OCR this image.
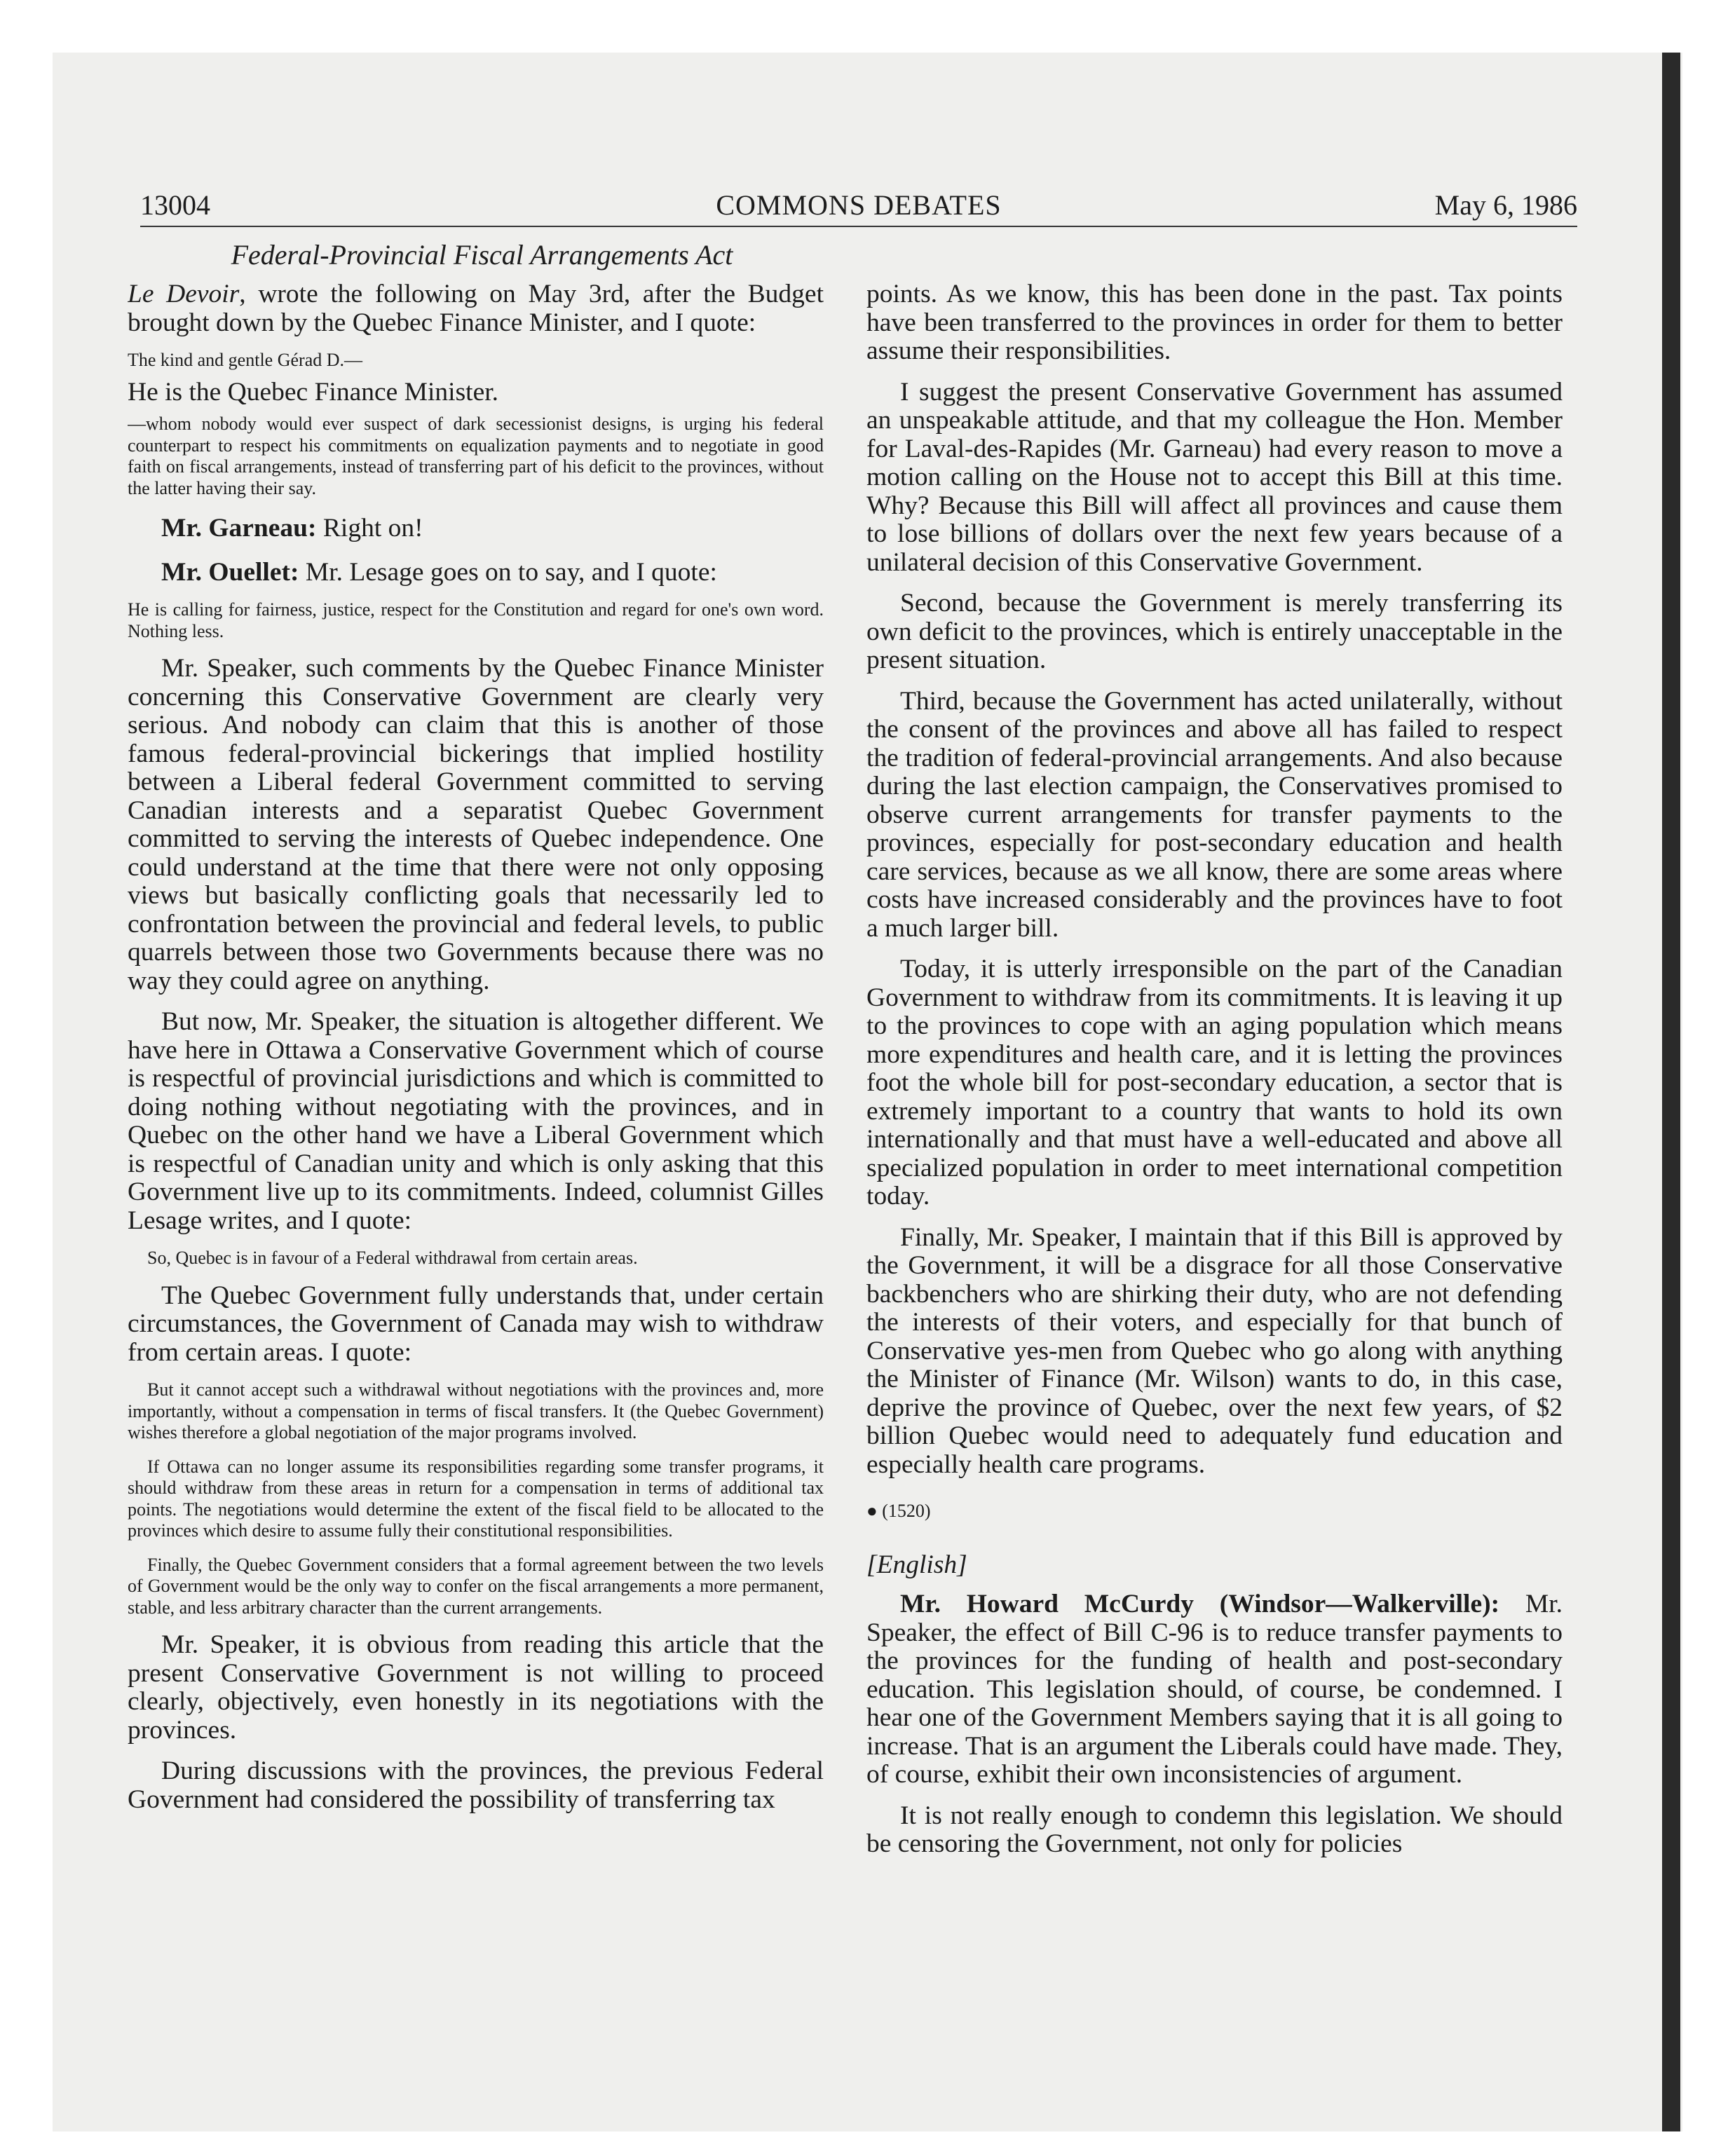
13004	COMMONS DEBATES	May 6, 1986
Federal-Provincial Fiscal Arrangements Act

Le Devoir, wrote the following on May 3rd, after the Budget brought down by the Quebec Finance Minister, and I quote:

The kind and gentle Gérad D.—

He is the Quebec Finance Minister.

—whom nobody would ever suspect of dark secessionist designs, is urging his federal counterpart to respect his commitments on equalization payments and to negotiate in good faith on fiscal arrangements, instead of transferring part of his deficit to the provinces, without the latter having their say.

Mr. Garneau: Right on!

Mr. Ouellet: Mr. Lesage goes on to say, and I quote:

He is calling for fairness, justice, respect for the Constitution and regard for one's own word. Nothing less.

Mr. Speaker, such comments by the Quebec Finance Minister concerning this Conservative Government are clearly very serious. And nobody can claim that this is another of those famous federal-provincial bickerings that implied hostility between a Liberal federal Government committed to serving Canadian interests and a separatist Quebec Government committed to serving the interests of Quebec independence. One could understand at the time that there were not only opposing views but basically conflicting goals that necessarily led to confrontation between the provincial and federal levels, to public quarrels between those two Governments because there was no way they could agree on anything.

But now, Mr. Speaker, the situation is altogether different. We have here in Ottawa a Conservative Government which of course is respectful of provincial jurisdictions and which is committed to doing nothing without negotiating with the provinces, and in Quebec on the other hand we have a Liberal Government which is respectful of Canadian unity and which is only asking that this Government live up to its commitments. Indeed, columnist Gilles Lesage writes, and I quote:

So, Quebec is in favour of a Federal withdrawal from certain areas.

The Quebec Government fully understands that, under certain circumstances, the Government of Canada may wish to withdraw from certain areas. I quote:

But it cannot accept such a withdrawal without negotiations with the provinces and, more importantly, without a compensation in terms of fiscal transfers. It (the Quebec Government) wishes therefore a global negotiation of the major programs involved.

If Ottawa can no longer assume its responsibilities regarding some transfer programs, it should withdraw from these areas in return for a compensation in terms of additional tax points. The negotiations would determine the extent of the fiscal field to be allocated to the provinces which desire to assume fully their constitutional responsibilities.

Finally, the Quebec Government considers that a formal agreement between the two levels of Government would be the only way to confer on the fiscal arrangements a more permanent, stable, and less arbitrary character than the current arrangements.

Mr. Speaker, it is obvious from reading this article that the present Conservative Government is not willing to proceed clearly, objectively, even honestly in its negotiations with the provinces.

During discussions with the provinces, the previous Federal Government had considered the possibility of transferring tax

points. As we know, this has been done in the past. Tax points have been transferred to the provinces in order for them to better assume their responsibilities.

I suggest the present Conservative Government has assumed an unspeakable attitude, and that my colleague the Hon. Member for Laval-des-Rapides (Mr. Garneau) had every reason to move a motion calling on the House not to accept this Bill at this time. Why? Because this Bill will affect all provinces and cause them to lose billions of dollars over the next few years because of a unilateral decision of this Conservative Government.

Second, because the Government is merely transferring its own deficit to the provinces, which is entirely unacceptable in the present situation.

Third, because the Government has acted unilaterally, without the consent of the provinces and above all has failed to respect the tradition of federal-provincial arrangements. And also because during the last election campaign, the Conservatives promised to observe current arrangements for transfer payments to the provinces, especially for post-secondary education and health care services, because as we all know, there are some areas where costs have increased considerably and the provinces have to foot a much larger bill.

Today, it is utterly irresponsible on the part of the Canadian Government to withdraw from its commitments. It is leaving it up to the provinces to cope with an aging population which means more expenditures and health care, and it is letting the provinces foot the whole bill for post-secondary education, a sector that is extremely important to a country that wants to hold its own internationally and that must have a well-educated and above all specialized population in order to meet international competition today.

Finally, Mr. Speaker, I maintain that if this Bill is approved by the Government, it will be a disgrace for all those Conservative backbenchers who are shirking their duty, who are not defending the interests of their voters, and especially for that bunch of Conservative yes-men from Quebec who go along with anything the Minister of Finance (Mr. Wilson) wants to do, in this case, deprive the province of Quebec, over the next few years, of $2 billion Quebec would need to adequately fund education and especially health care programs.

● (1520)

[English]

Mr. Howard McCurdy (Windsor—Walkerville): Mr. Speaker, the effect of Bill C-96 is to reduce transfer payments to the provinces for the funding of health and post-secondary education. This legislation should, of course, be condemned. I hear one of the Government Members saying that it is all going to increase. That is an argument the Liberals could have made. They, of course, exhibit their own inconsistencies of argument.

It is not really enough to condemn this legislation. We should be censoring the Government, not only for policies
